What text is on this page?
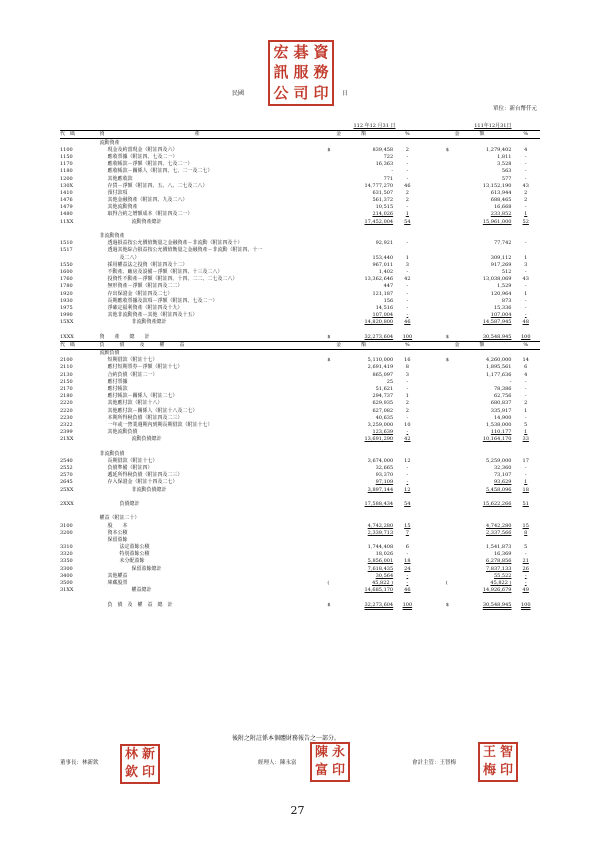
宏 碁 資
訊 服 務
公 司 印
民國	日
單位：新台幣仟元
		112 年12 月31 日				111年12月31日		
代　碼	資　　　　　　　　　　　　　　　　　　產		金　　　　額	%			金　　　　額	%
	流動資產							
1100	現金及約當現金（附註四及六）	$	839,458	2		$	1,279,402	4
1150	應收票據（附註四、七及二一）		722	-			1,811	-
1170	應收帳款－淨額（附註四、七及二一）		16,363	-			3,528	-
1180	應收帳款－關係人（附註四、七、二一及二七）		-	-			563	-
1200	其他應收款		771	-			577	-
130X	存貨－淨額（附註四、五、八、二七及二八）		14,777,270	46			13,152,190	43
1410	預付款項		631,507	2			613,944	2
1476	其他金融資產（附註四、九及二八）		561,372	2			688,465	2
1479	其他流動資產		10,515	-			16,668	-
1480	取得合約之增額成本（附註四及二一）		214,026	1			233,852	1
11XX	流動資產總計		17,452,004	54			15,961,000	52

	非流動資產							
1510	透過損益按公允價值衡量之金融資產－非流動（附註四及十）		92,921	-			77,742	-
1517	透過其他綜合損益按公允價值衡量之金融資產－非流動（附註四、十一							
	及二八）		153,440	1			309,112	1
1550	採用權益法之投資（附註四及十二）		967,011	3			917,269	3
1600	不動產、廠房及設備－淨額（附註四、十三及二八）		1,402	-			512	-
1760	投資性不動產－淨額（附註四、十四、二二、二七及二八）		13,362,646	42			13,038,069	43
1780	無形資產－淨額（附註四及二二）		447	-			1,529	-
1920	存出保證金（附註四及二七）		121,187	-			120,964	1
1930	長期應收票據及款項－淨額（附註四、七及二一）		156	-			873	-
1975	淨確定福利資產（附註四及十九）		14,516	-			15,336	-
1990	其他非流動資產－其他（附註四及十五）		107,004	-			107,004	-
15XX	非流動資產總計		14,820,800	46			14,587,945	48

1XXX	資　　產　　總　　計	$	32,273,604	100		$	30,548,945	100
代　碼	負　　　債　　　及　　　權　　　益		金　　　　額	%			金　　　　額	%
	流動負債							
2100	短期借款（附註十七）	$	5,110,000	16		$	4,260,000	14
2110	應付短期票券－淨額（附註十七）		2,691,419	8			1,895,561	6
2130	合約負債（附註二一）		865,097	3			1,177,636	4
2150	應付票據		25	-			-	-
2170	應付帳款		51,621	-			78,386	-
2180	應付帳款－關係人（附註二七）		294,737	1			62,756	-
2220	其他應付款（附註十八）		629,935	2			680,837	2
2220	其他應付款－關係人（附註十八及二七）		627,082	2			335,917	1
2230	本期所得稅負債（附註四及二三）		40,635	-			14,900	-
2322	一年或一營業週期內到期長期借款（附註十七）		3,259,000	10			1,538,000	5
2399	其他流動負債		123,639	-			110,177	1
21XX	流動負債總計		13,691,290	42			10,164,170	33

	非流動負債							
2540	長期借款（附註十七）		3,674,000	12			5,259,000	17
2552	負債準備（附註四）		32,665	-			32,360	-
2570	遞延所得稅負債（附註四及二三）		93,370	-			73,107	-
2645	存入保證金（附註十四及二七）		97,109	-			93,629	1
25XX	非流動負債總計		3,897,144	12			5,458,096	18

2XXX	負債總計		17,588,434	54			15,622,266	51

	權益（附註二十）							
3100	股　　本		4,742,280	15			4,742,280	15
3200	資本公積		2,339,713	7			2,337,566	8
	保留盈餘							
3310	法定盈餘公積		1,744,408	6			1,541,873	5
3320	特別盈餘公積		18,026	-			16,369	-
3350	未分配盈餘		5,856,001	18			6,278,856	21
3300	保留盈餘總計		7,618,435	24			7,837,133	26
3400	其他權益		30,564	-			55,522	-
3500	庫藏股票	(	45,822 )	-		(	45,822 )	-
31XX	權益總計		14,685,170	46			14,926,679	49

	負　債　及　權　益　總　計	$	32,273,604	100		$	30,548,945	100
後附之附註係本個體財務報告之一部分。
董事長：林新欽
林 新
欽 印
經理人：陳永富
陳 永
富 印	會計主管：王智梅
王 智
梅 印
27
